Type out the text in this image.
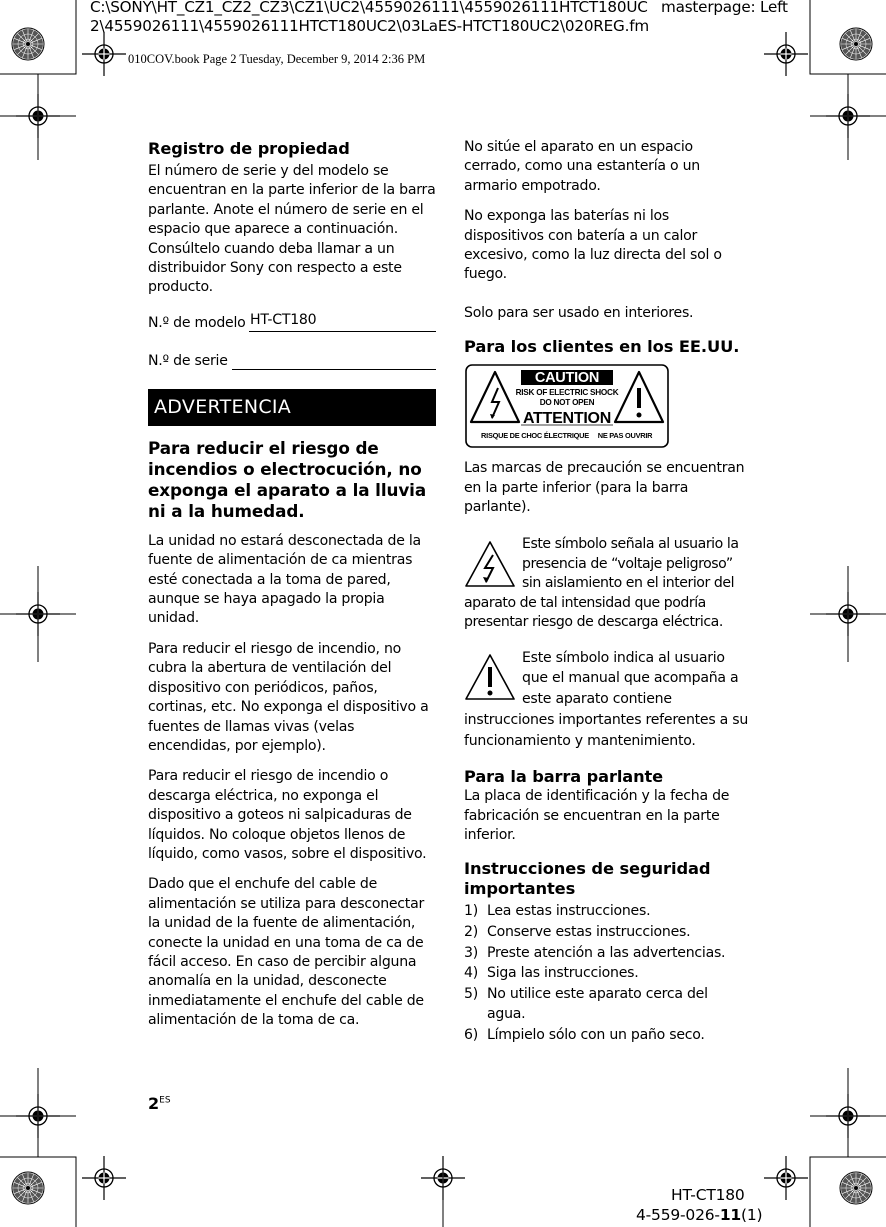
C:\SONY\HT_CZ1_CZ2_CZ3\CZ1\UC2\4559026111\4559026111HTCT180UC
2\4559026111\4559026111HTCT180UC2\03LaES-HTCT180UC2\020REG.fm
masterpage: Left
010COV.book Page 2 Tuesday, December 9, 2014 2:36 PM
Registro de propiedad

El número de serie y del modelo se encuentran en la parte inferior de la barra parlante. Anote el número de serie en el espacio que aparece a continuación. Consúltelo cuando deba llamar a un distribuidor Sony con respecto a este producto.

N.º de modelo HT-CT180
N.º de serie
ADVERTENCIA
Para reducir el riesgo de incendios o electrocución, no exponga el aparato a la lluvia ni a la humedad.

La unidad no estará desconectada de la fuente de alimentación de ca mientras esté conectada a la toma de pared, aunque se haya apagado la propia unidad.

Para reducir el riesgo de incendio, no cubra la abertura de ventilación del dispositivo con periódicos, paños, cortinas, etc. No exponga el dispositivo a fuentes de llamas vivas (velas encendidas, por ejemplo).

Para reducir el riesgo de incendio o descarga eléctrica, no exponga el dispositivo a goteos ni salpicaduras de líquidos. No coloque objetos llenos de líquido, como vasos, sobre el dispositivo.

Dado que el enchufe del cable de alimentación se utiliza para desconectar la unidad de la fuente de alimentación, conecte la unidad en una toma de ca de fácil acceso. En caso de percibir alguna anomalía en la unidad, desconecte inmediatamente el enchufe del cable de alimentación de la toma de ca.

No sitúe el aparato en un espacio cerrado, como una estantería o un armario empotrado.

No exponga las baterías ni los dispositivos con batería a un calor excesivo, como la luz directa del sol o fuego.

Solo para ser usado en interiores.

Para los clientes en los EE.UU.
CAUTION
RISK OF ELECTRIC SHOCK
DO NOT OPEN
ATTENTION
RISQUE DE CHOC ÉLECTRIQUE NE PAS OUVRIR

Las marcas de precaución se encuentran en la parte inferior (para la barra parlante).

Este símbolo señala al usuario la presencia de “voltaje peligroso” sin aislamiento en el interior del aparato de tal intensidad que podría presentar riesgo de descarga eléctrica.

Este símbolo indica al usuario que el manual que acompaña a este aparato contiene instrucciones importantes referentes a su funcionamiento y mantenimiento.

Para la barra parlante

La placa de identificación y la fecha de fabricación se encuentran en la parte inferior.

Instrucciones de seguridad importantes
1) Lea estas instrucciones.
2) Conserve estas instrucciones.
3) Preste atención a las advertencias.
4) Siga las instrucciones.
5) No utilice este aparato cerca del agua.
6) Límpielo sólo con un paño seco.
$2^{ES}$
HT-CT180
4-559-026-11(1)
